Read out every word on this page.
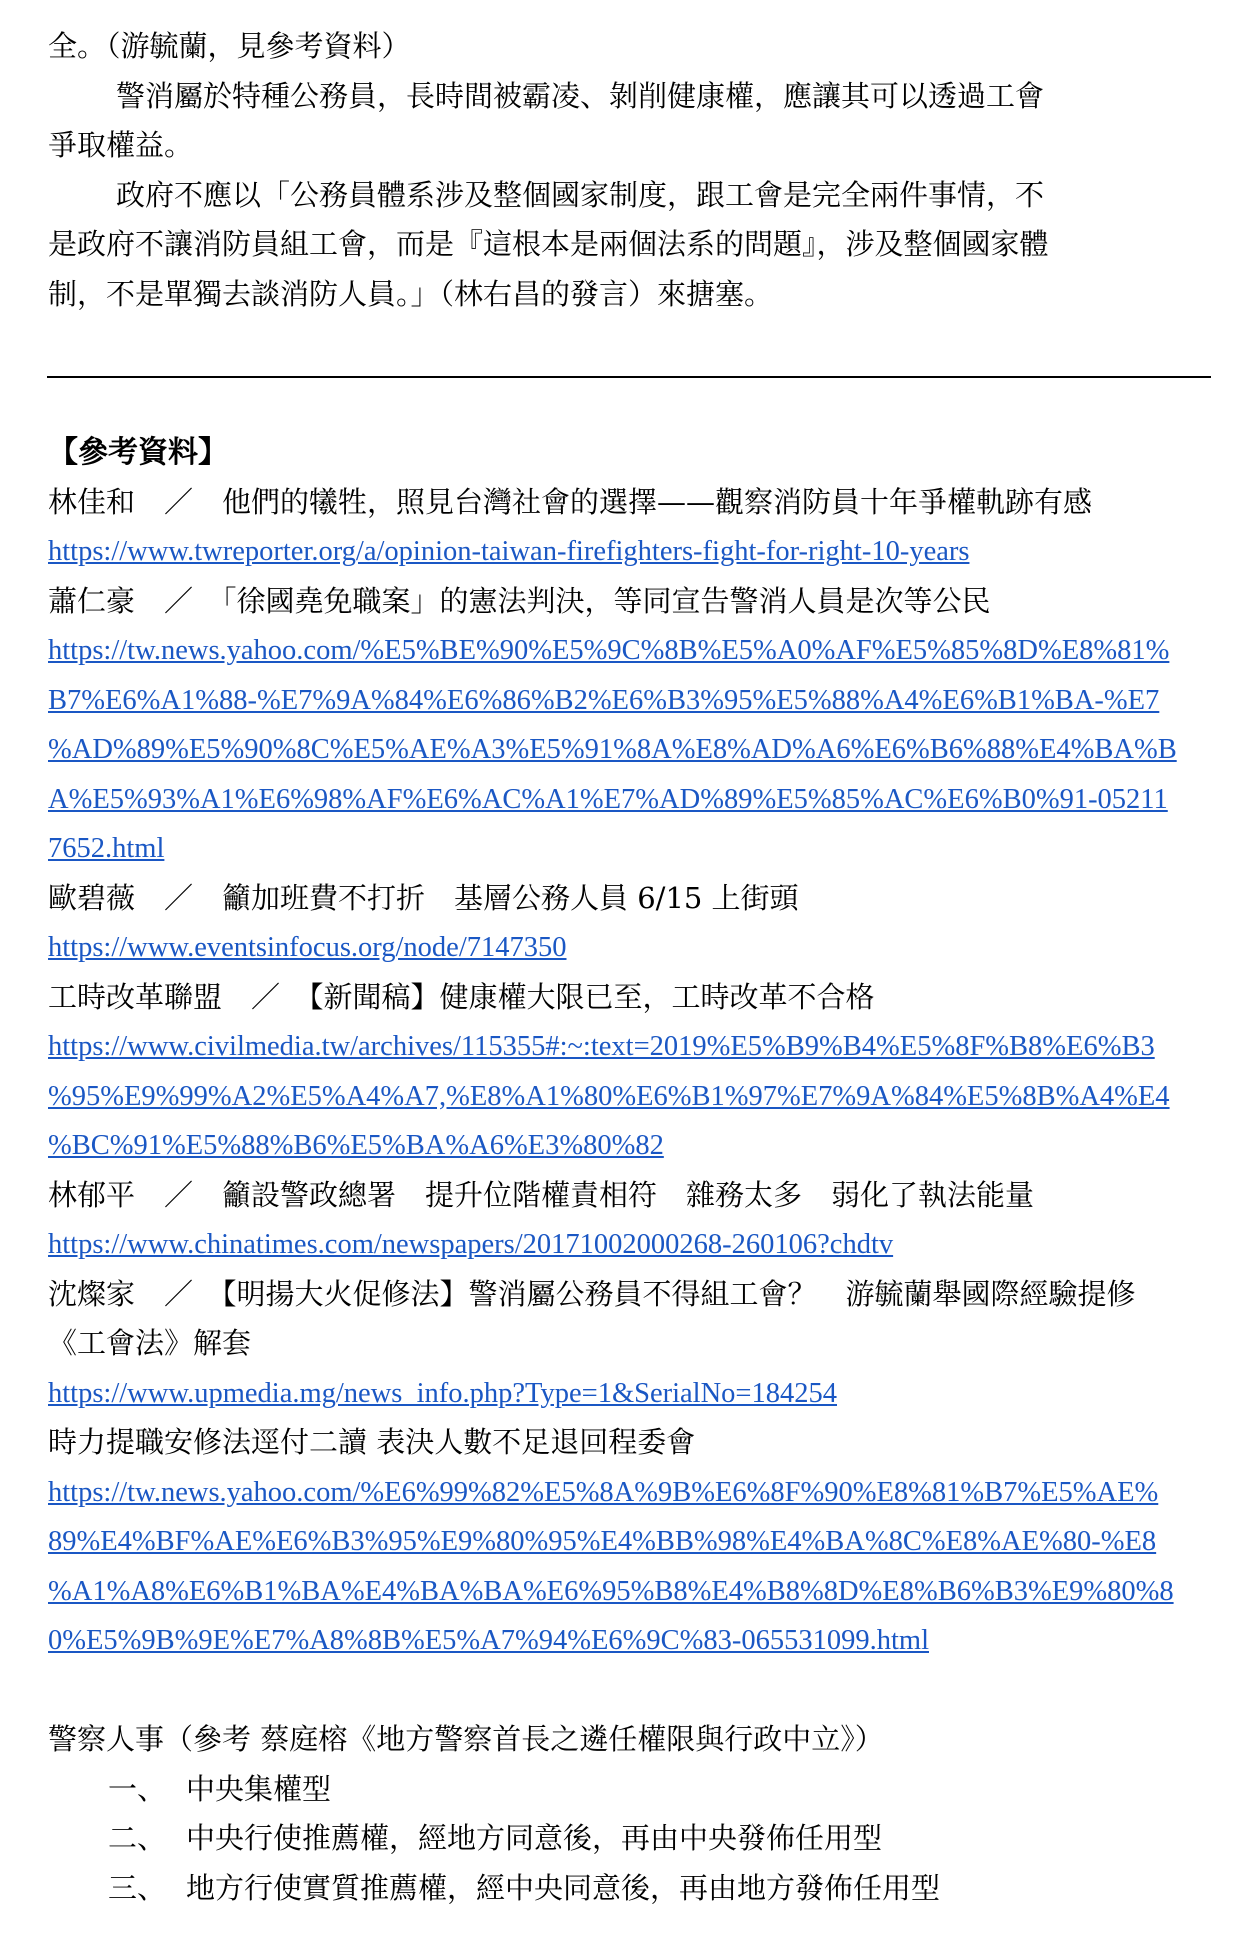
全。（游毓蘭，見參考資料）
警消屬於特種公務員，長時間被霸凌、剝削健康權，應讓其可以透過工會
爭取權益。
政府不應以「公務員體系涉及整個國家制度，跟工會是完全兩件事情，不
是政府不讓消防員組工會，而是『這根本是兩個法系的問題』，涉及整個國家體
制，不是單獨去談消防人員。」（林右昌的發言）來搪塞。
【參考資料】
林佳和　／　他們的犧牲，照見台灣社會的選擇——觀察消防員十年爭權軌跡有感
https://www.twreporter.org/a/opinion-taiwan-firefighters-fight-for-right-10-years
蕭仁豪　／　「徐國堯免職案」的憲法判決，等同宣告警消人員是次等公民
https://tw.news.yahoo.com/%E5%BE%90%E5%9C%8B%E5%A0%AF%E5%85%8D%E8%81%
B7%E6%A1%88-%E7%9A%84%E6%86%B2%E6%B3%95%E5%88%A4%E6%B1%BA-%E7
%AD%89%E5%90%8C%E5%AE%A3%E5%91%8A%E8%AD%A6%E6%B6%88%E4%BA%B
A%E5%93%A1%E6%98%AF%E6%AC%A1%E7%AD%89%E5%85%AC%E6%B0%91-05211
7652.html
歐碧薇　／　籲加班費不打折　基層公務人員 6/15 上街頭
https://www.eventsinfocus.org/node/7147350
工時改革聯盟　／　【新聞稿】健康權大限已至，工時改革不合格
https://www.civilmedia.tw/archives/115355#:~:text=2019%E5%B9%B4%E5%8F%B8%E6%B3
%95%E9%99%A2%E5%A4%A7,%E8%A1%80%E6%B1%97%E7%9A%84%E5%8B%A4%E4
%BC%91%E5%88%B6%E5%BA%A6%E3%80%82
林郁平　／　籲設警政總署　提升位階權責相符　雜務太多　弱化了執法能量
https://www.chinatimes.com/newspapers/20171002000268-260106?chdtv
沈燦家　／　【明揚大火促修法】警消屬公務員不得組工會？　游毓蘭舉國際經驗提修
《工會法》解套
https://www.upmedia.mg/news_info.php?Type=1&SerialNo=184254
時力提職安修法逕付二讀 表決人數不足退回程委會
https://tw.news.yahoo.com/%E6%99%82%E5%8A%9B%E6%8F%90%E8%81%B7%E5%AE%
89%E4%BF%AE%E6%B3%95%E9%80%95%E4%BB%98%E4%BA%8C%E8%AE%80-%E8
%A1%A8%E6%B1%BA%E4%BA%BA%E6%95%B8%E4%B8%8D%E8%B6%B3%E9%80%8
0%E5%9B%9E%E7%A8%8B%E5%A7%94%E6%9C%83-065531099.html
警察人事（參考 蔡庭榕《地方警察首長之遴任權限與行政中立》）
一、 中央集權型
二、 中央行使推薦權，經地方同意後，再由中央發佈任用型
三、 地方行使實質推薦權，經中央同意後，再由地方發佈任用型
